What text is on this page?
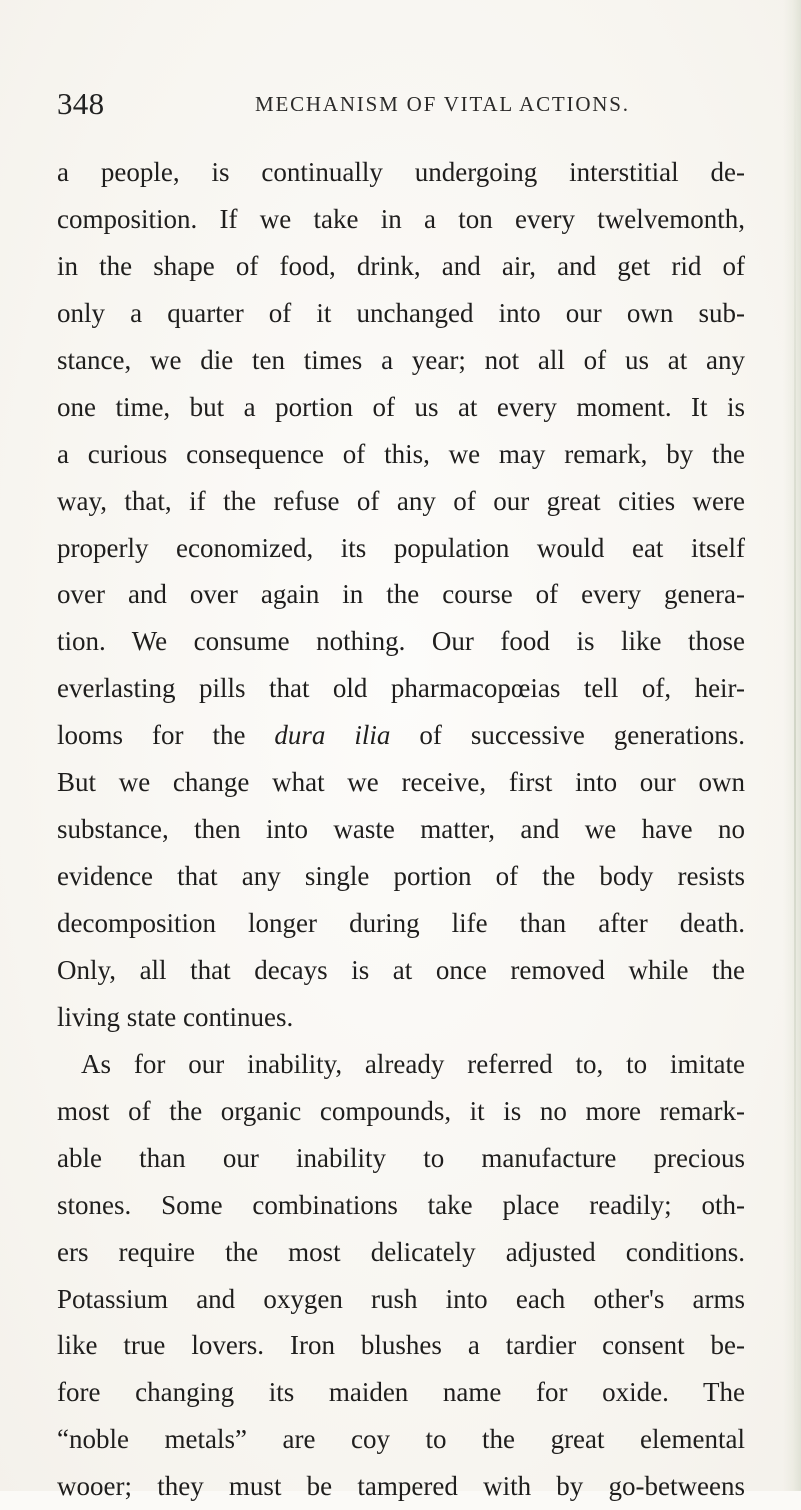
348	MECHANISM OF VITAL ACTIONS.
a people, is continually undergoing interstitial de-
composition. If we take in a ton every twelvemonth,
in the shape of food, drink, and air, and get rid of
only a quarter of it unchanged into our own sub-
stance, we die ten times a year; not all of us at any
one time, but a portion of us at every moment. It is
a curious consequence of this, we may remark, by the
way, that, if the refuse of any of our great cities were
properly economized, its population would eat itself
over and over again in the course of every genera-
tion. We consume nothing. Our food is like those
everlasting pills that old pharmacopœias tell of, heir-
looms for the dura ilia of successive generations.
But we change what we receive, first into our own
substance, then into waste matter, and we have no
evidence that any single portion of the body resists
decomposition longer during life than after death.
Only, all that decays is at once removed while the
living state continues.
As for our inability, already referred to, to imitate
most of the organic compounds, it is no more remark-
able than our inability to manufacture precious
stones. Some combinations take place readily; oth-
ers require the most delicately adjusted conditions.
Potassium and oxygen rush into each other's arms
like true lovers. Iron blushes a tardier consent be-
fore changing its maiden name for oxide. The
“noble metals” are coy to the great elemental
wooer; they must be tampered with by go-betweens
